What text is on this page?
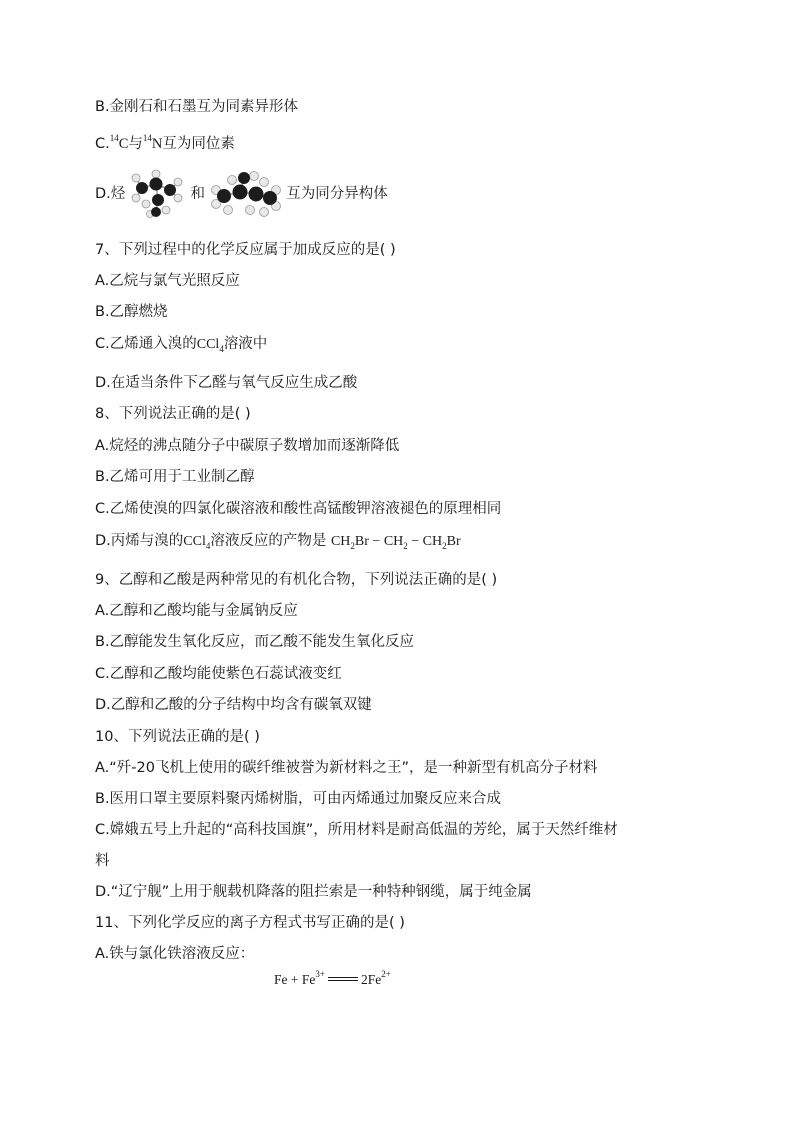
B.金刚石和石墨互为同素异形体
C.$^{14}$C与$^{14}$N互为同位素
D.烃	和	互为同分异构体
7、下列过程中的化学反应属于加成反应的是( )
A.乙烷与氯气光照反应
B.乙醇燃烧
C.乙烯通入溴的CCl$_4$溶液中
D.在适当条件下乙醛与氧气反应生成乙酸
8、下列说法正确的是( )
A.烷烃的沸点随分子中碳原子数增加而逐渐降低
B.乙烯可用于工业制乙醇
C.乙烯使溴的四氯化碳溶液和酸性高锰酸钾溶液褪色的原理相同
D.丙烯与溴的CCl$_4$溶液反应的产物是 $CH_2Br - CH_2 - CH_2Br$
9、乙醇和乙酸是两种常见的有机化合物，下列说法正确的是( )
A.乙醇和乙酸均能与金属钠反应
B.乙醇能发生氧化反应，而乙酸不能发生氧化反应
C.乙醇和乙酸均能使紫色石蕊试液变红
D.乙醇和乙酸的分子结构中均含有碳氧双键
10、下列说法正确的是( )
A.“歼-20飞机上使用的碳纤维被誉为新材料之王”，是一种新型有机高分子材料
B.医用口罩主要原料聚丙烯树脂，可由丙烯通过加聚反应来合成
C.嫦娥五号上升起的“高科技国旗”，所用材料是耐高低温的芳纶，属于天然纤维材
料
D.“辽宁舰”上用于舰载机降落的阻拦索是一种特种钢缆，属于纯金属
11、下列化学反应的离子方程式书写正确的是( )
A.铁与氯化铁溶液反应：
$Fe + Fe^{3+}$	$2Fe^{2+}$
